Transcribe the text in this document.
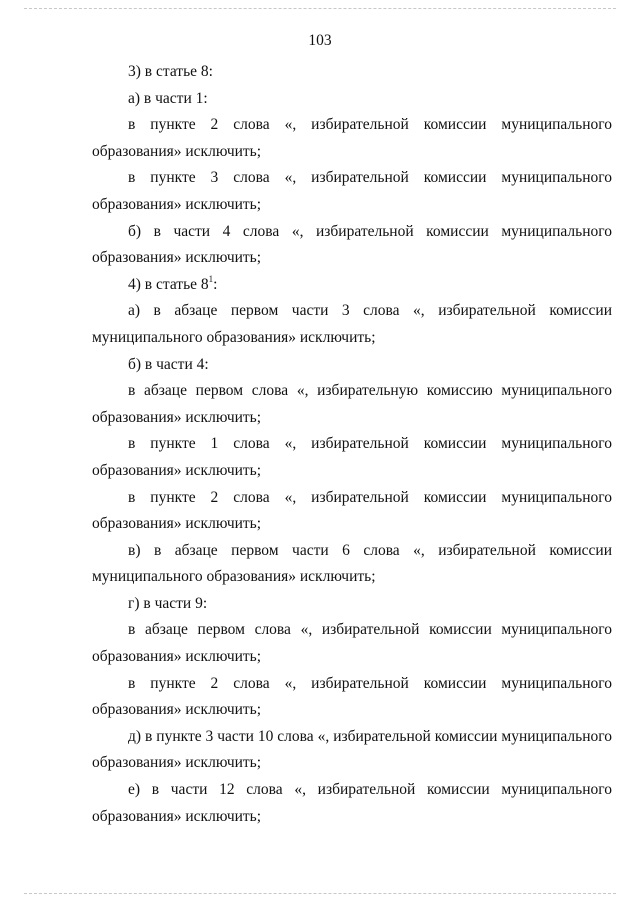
103

3) в статье 8:

а) в части 1:

в пункте 2 слова «, избирательной комиссии муниципального
образования» исключить;

в пункте 3 слова «, избирательной комиссии муниципального
образования» исключить;

б) в части 4 слова «, избирательной комиссии муниципального
образования» исключить;

4) в статье $8^1$:

а) в абзаце первом части 3 слова «, избирательной комиссии
муниципального образования» исключить;

б) в части 4:

в абзаце первом слова «, избирательную комиссию муниципального
образования» исключить;

в пункте 1 слова «, избирательной комиссии муниципального
образования» исключить;

в пункте 2 слова «, избирательной комиссии муниципального
образования» исключить;

в) в абзаце первом части 6 слова «, избирательной комиссии
муниципального образования» исключить;

г) в части 9:

в абзаце первом слова «, избирательной комиссии муниципального
образования» исключить;

в пункте 2 слова «, избирательной комиссии муниципального
образования» исключить;

д) в пункте 3 части 10 слова «, избирательной комиссии муниципального
образования» исключить;

е) в части 12 слова «, избирательной комиссии муниципального
образования» исключить;
